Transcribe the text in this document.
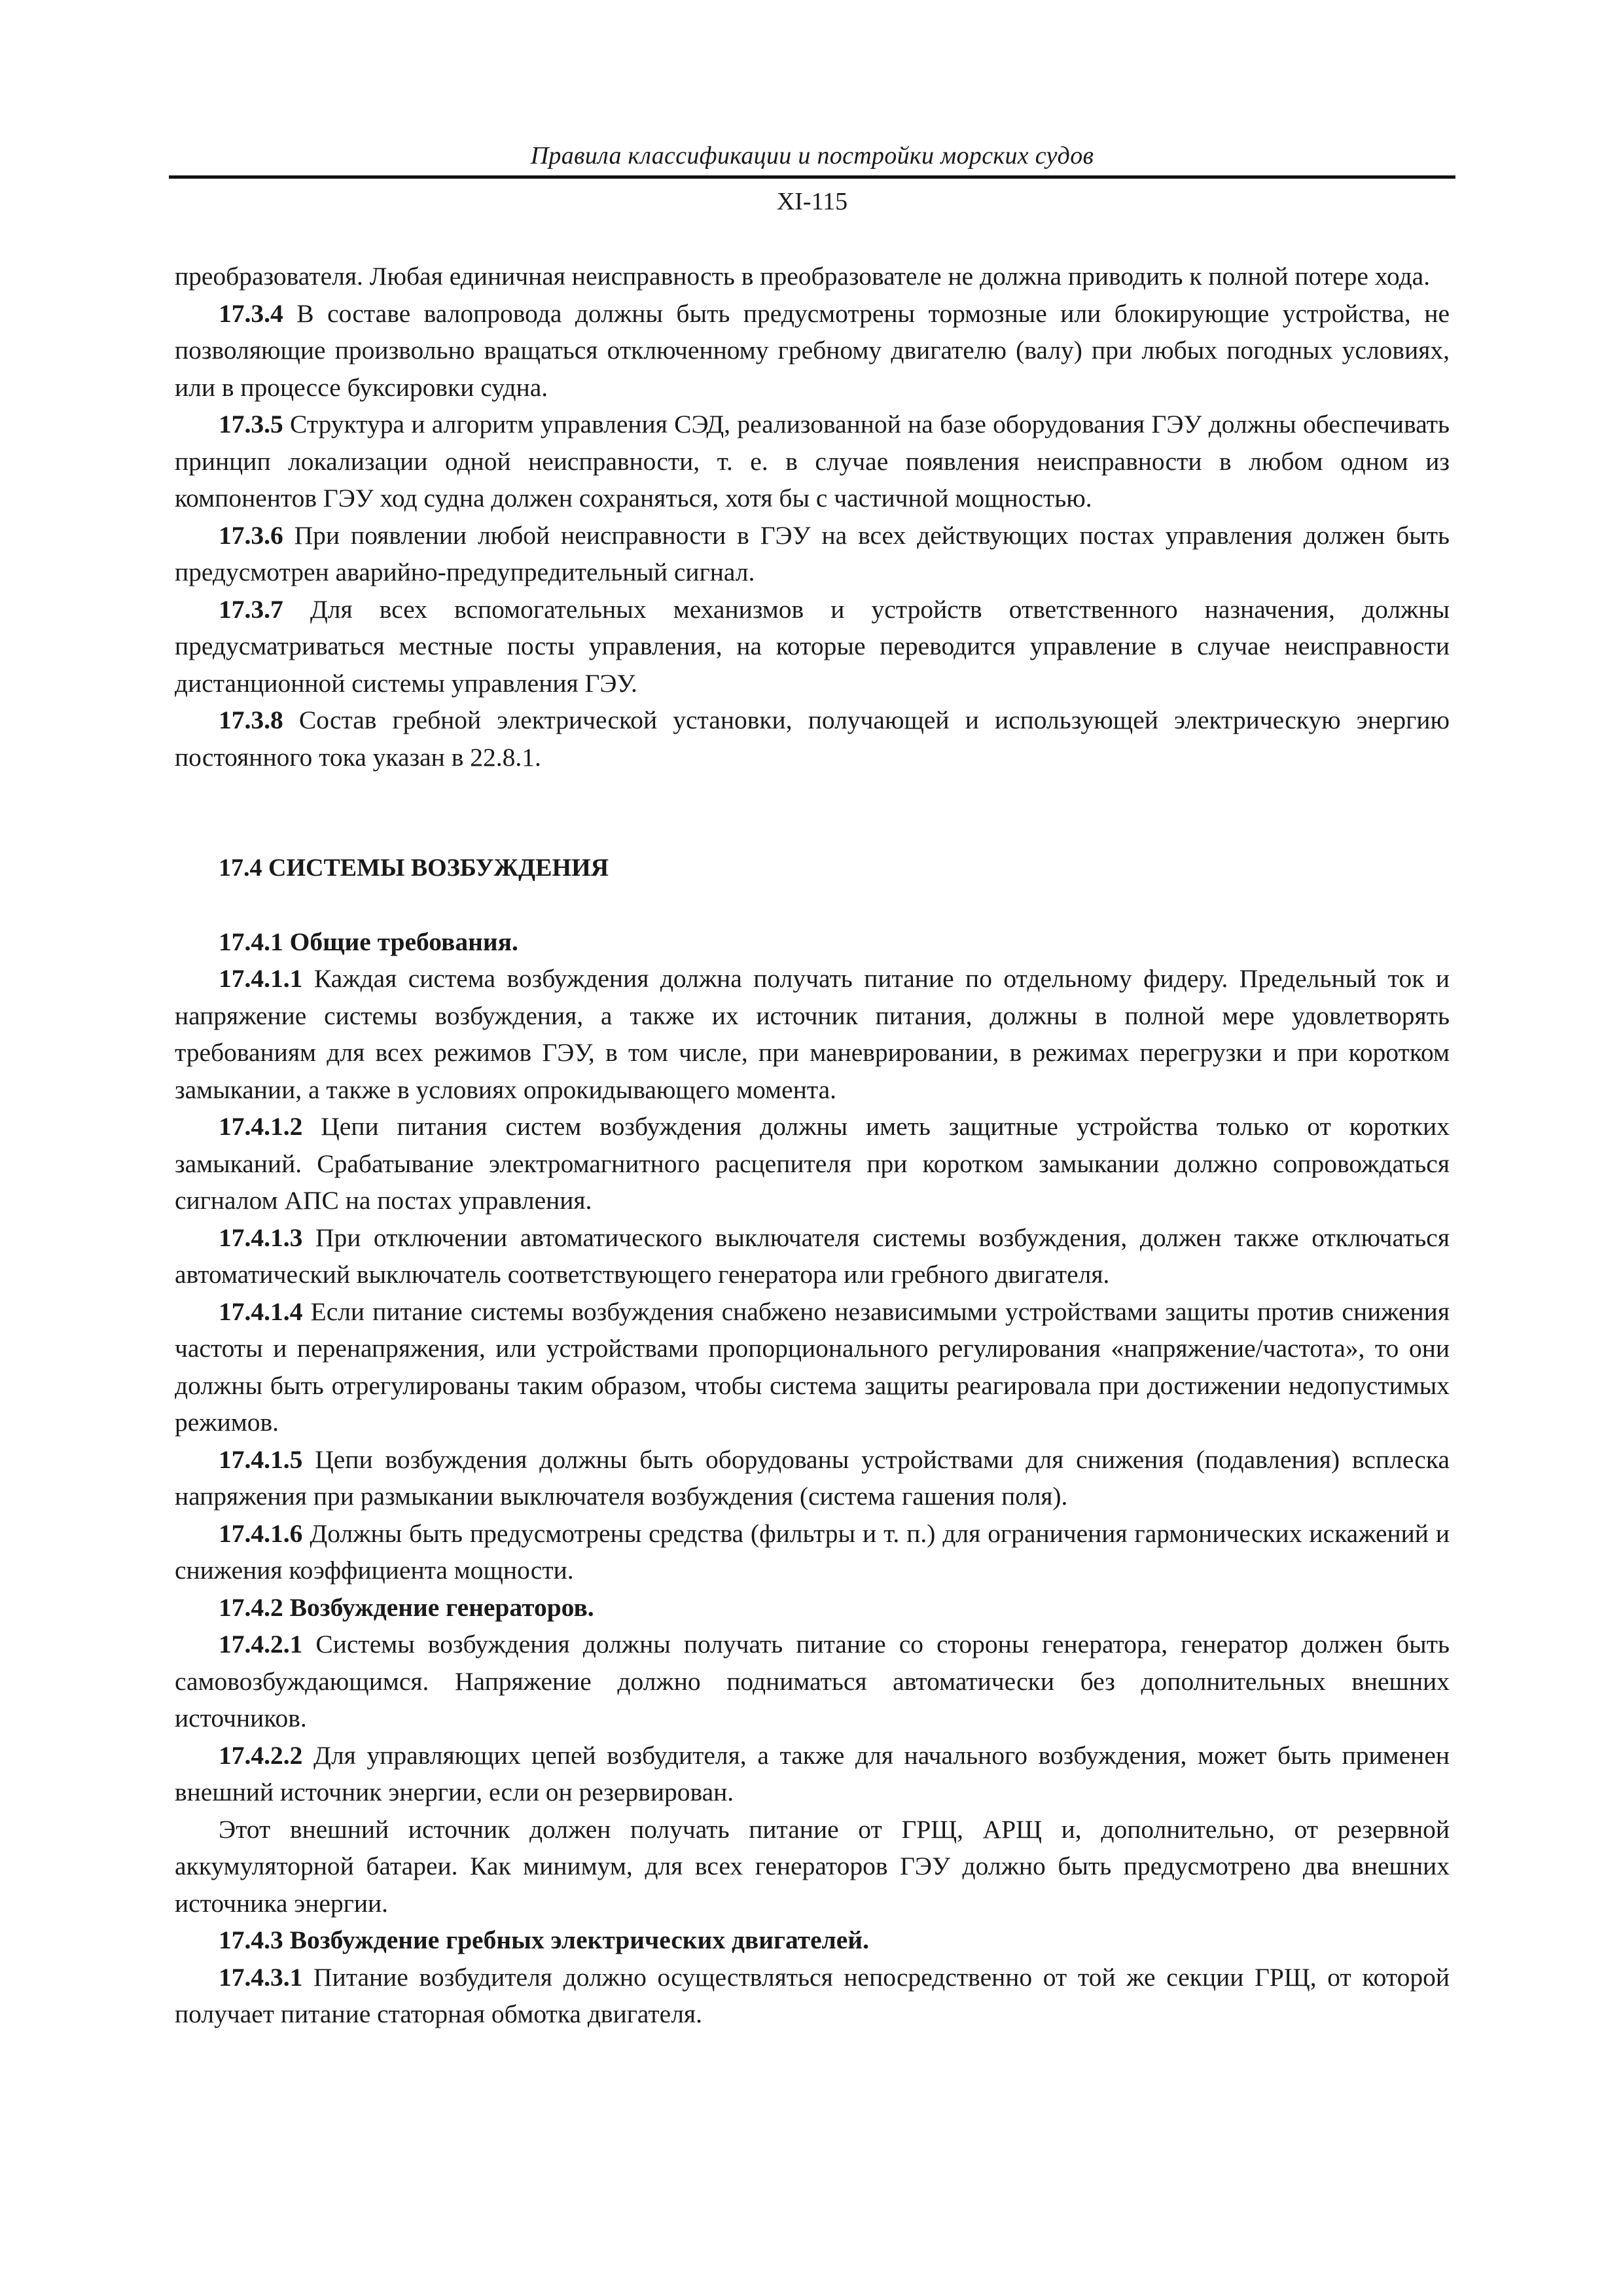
Правила классификации и постройки морских судов
XI-115

преобразователя. Любая единичная неисправность в преобразователе не должна приводить к полной потере хода.

17.3.4 В составе валопровода должны быть предусмотрены тормозные или блокирующие устройства, не позволяющие произвольно вращаться отключенному гребному двигателю (валу) при любых погодных условиях, или в процессе буксировки судна.

17.3.5 Структура и алгоритм управления СЭД, реализованной на базе оборудования ГЭУ должны обеспечивать принцип локализации одной неисправности, т. е. в случае появления неисправности в любом одном из компонентов ГЭУ ход судна должен сохраняться, хотя бы с частичной мощностью.

17.3.6 При появлении любой неисправности в ГЭУ на всех действующих постах управления должен быть предусмотрен аварийно-предупредительный сигнал.

17.3.7 Для всех вспомогательных механизмов и устройств ответственного назначения, должны предусматриваться местные посты управления, на которые переводится управление в случае неисправности дистанционной системы управления ГЭУ.

17.3.8 Состав гребной электрической установки, получающей и использующей электрическую энергию постоянного тока указан в 22.8.1.

17.4 СИСТЕМЫ ВОЗБУЖДЕНИЯ

17.4.1 Общие требования.

17.4.1.1 Каждая система возбуждения должна получать питание по отдельному фидеру. Предельный ток и напряжение системы возбуждения, а также их источник питания, должны в полной мере удовлетворять требованиям для всех режимов ГЭУ, в том числе, при маневрировании, в режимах перегрузки и при коротком замыкании, а также в условиях опрокидывающего момента.

17.4.1.2 Цепи питания систем возбуждения должны иметь защитные устройства только от коротких замыканий. Срабатывание электромагнитного расцепителя при коротком замыкании должно сопровождаться сигналом АПС на постах управления.

17.4.1.3 При отключении автоматического выключателя системы возбуждения, должен также отключаться автоматический выключатель соответствующего генератора или гребного двигателя.

17.4.1.4 Если питание системы возбуждения снабжено независимыми устройствами защиты против снижения частоты и перенапряжения, или устройствами пропорционального регулирования «напряжение/частота», то они должны быть отрегулированы таким образом, чтобы система защиты реагировала при достижении недопустимых режимов.

17.4.1.5 Цепи возбуждения должны быть оборудованы устройствами для снижения (подавления) всплеска напряжения при размыкании выключателя возбуждения (система гашения поля).

17.4.1.6 Должны быть предусмотрены средства (фильтры и т. п.) для ограничения гармонических искажений и снижения коэффициента мощности.

17.4.2 Возбуждение генераторов.

17.4.2.1 Системы возбуждения должны получать питание со стороны генератора, генератор должен быть самовозбуждающимся. Напряжение должно подниматься автоматически без дополнительных внешних источников.

17.4.2.2 Для управляющих цепей возбудителя, а также для начального возбуждения, может быть применен внешний источник энергии, если он резервирован.

Этот внешний источник должен получать питание от ГРЩ, АРЩ и, дополнительно, от резервной аккумуляторной батареи. Как минимум, для всех генераторов ГЭУ должно быть предусмотрено два внешних источника энергии.

17.4.3 Возбуждение гребных электрических двигателей.

17.4.3.1 Питание возбудителя должно осуществляться непосредственно от той же секции ГРЩ, от которой получает питание статорная обмотка двигателя.
